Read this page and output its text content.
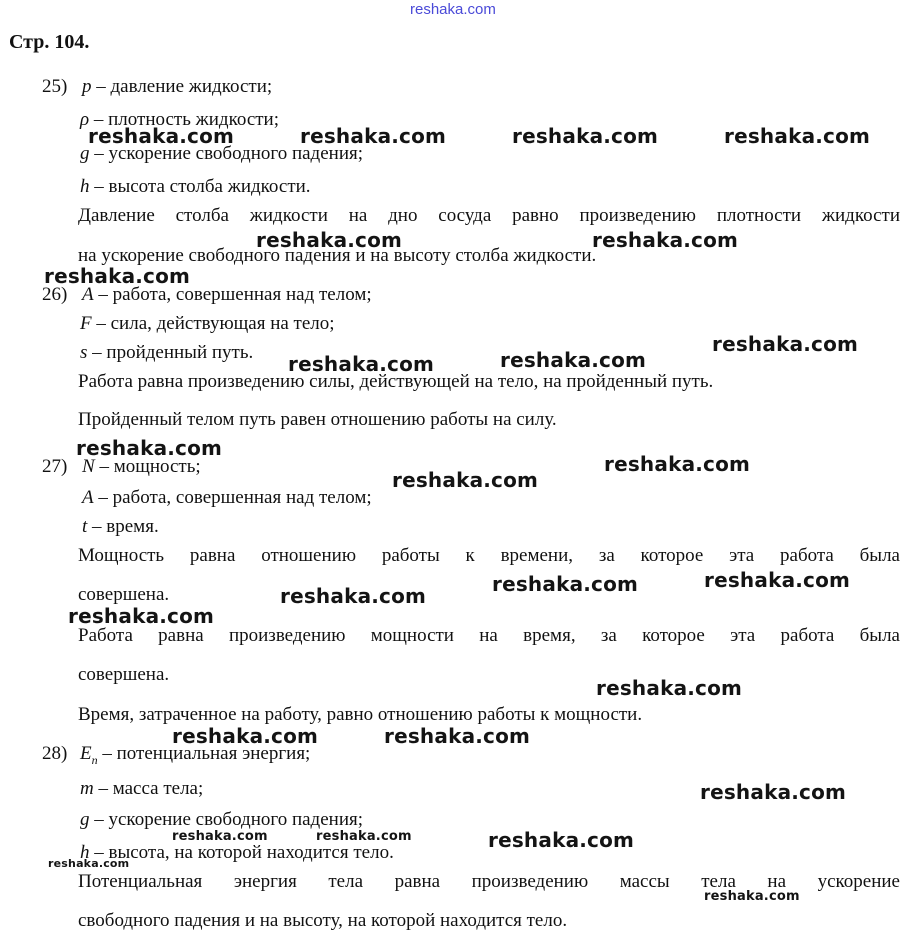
reshaka.com
Стр. 104.
25) p – давление жидкости;
ρ – плотность жидкости;
g – ускорение свободного падения;
h – высота столба жидкости.
Давление столба жидкости на дно сосуда равно произведению плотности жидкости
на ускорение свободного падения и на высоту столба жидкости.
26) A – работа, совершенная над телом;
F – сила, действующая на тело;
s – пройденный путь.
Работа равна произведению силы, действующей на тело, на пройденный путь.
Пройденный телом путь равен отношению работы на силу.
27) N – мощность;
A – работа, совершенная над телом;
t – время.
Мощность равна отношению работы к времени, за которое эта работа была
совершена.
Работа равна произведению мощности на время, за которое эта работа была
совершена.
Время, затраченное на работу, равно отношению работы к мощности.
28) $E_п$ – потенциальная энергия;
m – масса тела;
g – ускорение свободного падения;
h – высота, на которой находится тело.
Потенциальная энергия тела равна произведению массы тела на ускорение
свободного падения и на высоту, на которой находится тело.
reshaka.com	reshaka.com	reshaka.com	reshaka.com
reshaka.com	reshaka.com
reshaka.com
reshaka.com
reshaka.com
reshaka.com
reshaka.com
reshaka.com
reshaka.com
reshaka.com
reshaka.com
reshaka.com
reshaka.com
reshaka.com
reshaka.com	reshaka.com
reshaka.com
reshaka.com
reshaka.com	reshaka.com
reshaka.com
reshaka.com
